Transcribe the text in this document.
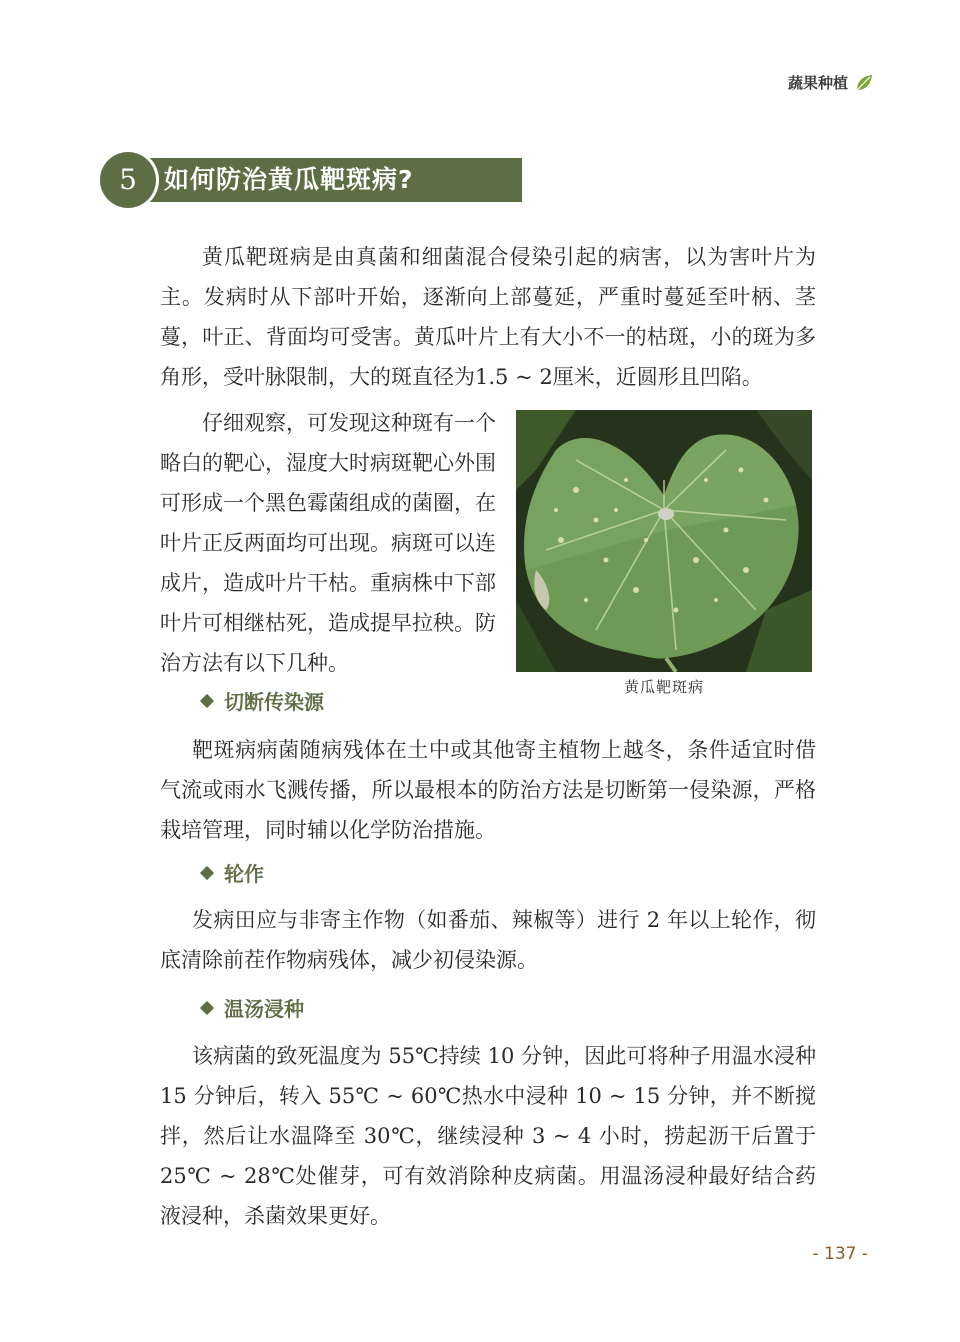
蔬果种植
5	如何防治黄瓜靶斑病?

黄瓜靶斑病是由真菌和细菌混合侵染引起的病害，以为害叶片为主。发病时从下部叶开始，逐渐向上部蔓延，严重时蔓延至叶柄、茎蔓，叶正、背面均可受害。黄瓜叶片上有大小不一的枯斑，小的斑为多角形，受叶脉限制，大的斑直径为1.5 ~ 2厘米，近圆形且凹陷。

仔细观察，可发现这种斑有一个略白的靶心，湿度大时病斑靶心外围可形成一个黑色霉菌组成的菌圈，在叶片正反两面均可出现。病斑可以连成片，造成叶片干枯。重病株中下部叶片可相继枯死，造成提早拉秧。防治方法有以下几种。

黄瓜靶斑病
切断传染源

靶斑病病菌随病残体在土中或其他寄主植物上越冬，条件适宜时借气流或雨水飞溅传播，所以最根本的防治方法是切断第一侵染源，严格栽培管理，同时辅以化学防治措施。

轮作

发病田应与非寄主作物（如番茄、辣椒等）进行 2 年以上轮作，彻底清除前茬作物病残体，减少初侵染源。

温汤浸种

该病菌的致死温度为 55℃持续 10 分钟，因此可将种子用温水浸种 15 分钟后，转入 55℃ ~ 60℃热水中浸种 10 ~ 15 分钟，并不断搅拌，然后让水温降至 30℃，继续浸种 3 ~ 4 小时，捞起沥干后置于 25℃ ~ 28℃处催芽，可有效消除种皮病菌。用温汤浸种最好结合药液浸种，杀菌效果更好。

- 137 -
